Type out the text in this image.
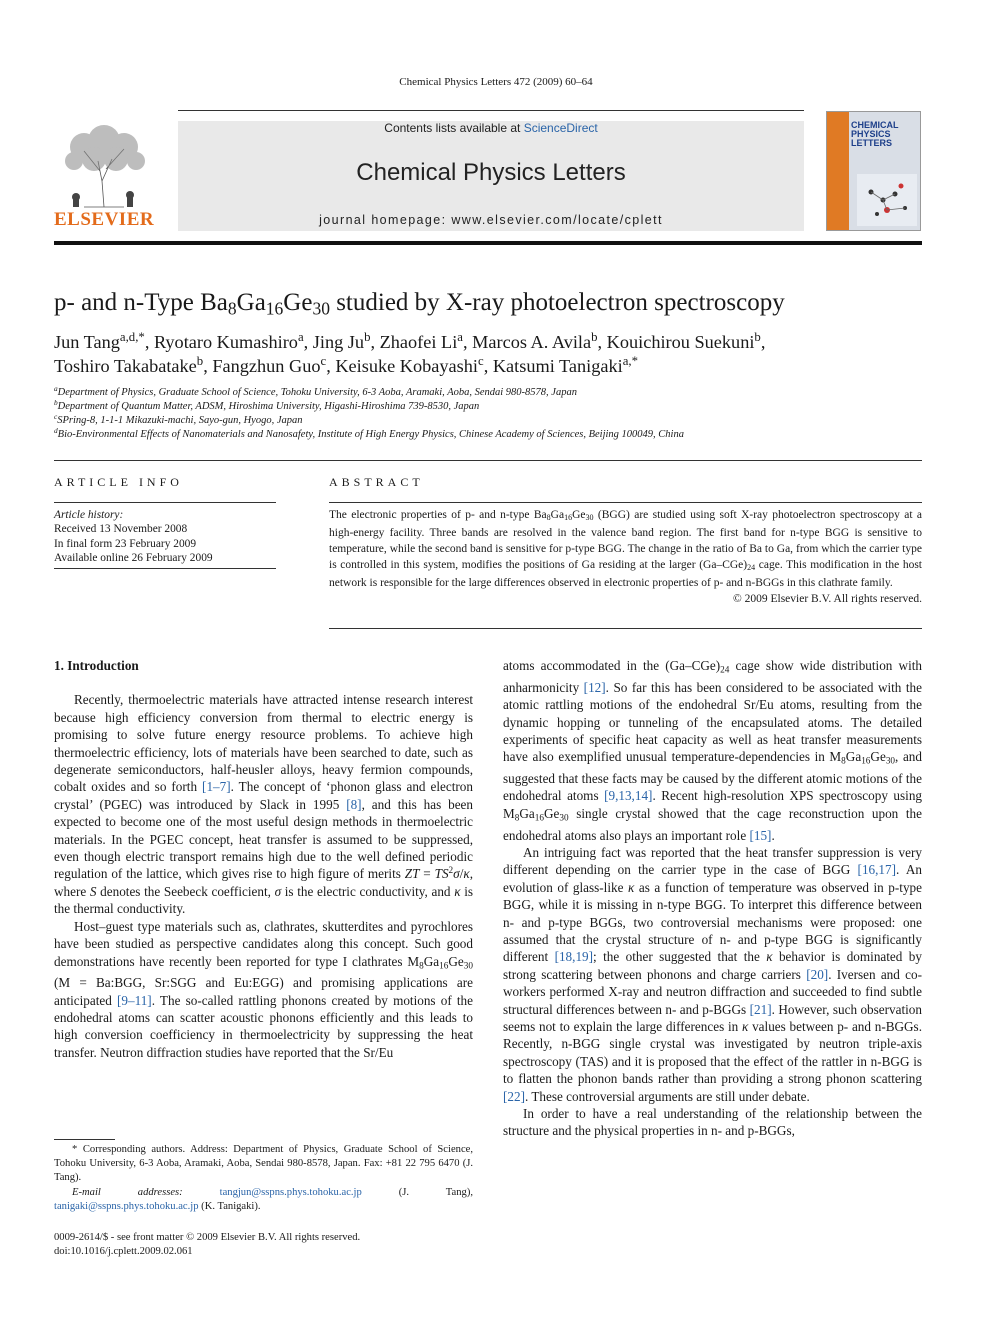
Chemical Physics Letters 472 (2009) 60–64
ELSEVIER
Contents lists available at ScienceDirect
Chemical Physics Letters
journal homepage: www.elsevier.com/locate/cplett
CHEMICAL
PHYSICS
LETTERS
p- and n-Type $Ba_8Ga_{16}Ge_{30}$ studied by X-ray photoelectron spectroscopy
Jun Tang$^{a,d,*}$, Ryotaro Kumashiro$^a$, Jing Ju$^b$, Zhaofei Li$^a$, Marcos A. Avila$^b$, Kouichirou Suekuni$^b$,
Toshiro Takabatake$^b$, Fangzhun Guo$^c$, Keisuke Kobayashi$^c$, Katsumi Tanigaki$^{a,*}$
$^a$Department of Physics, Graduate School of Science, Tohoku University, 6-3 Aoba, Aramaki, Aoba, Sendai 980-8578, Japan
$^b$Department of Quantum Matter, ADSM, Hiroshima University, Higashi-Hiroshima 739-8530, Japan
$^c$SPring-8, 1-1-1 Mikazuki-machi, Sayo-gun, Hyogo, Japan
$^d$Bio-Environmental Effects of Nanomaterials and Nanosafety, Institute of High Energy Physics, Chinese Academy of Sciences, Beijing 100049, China
ARTICLE INFO
Article history:
Received 13 November 2008
In final form 23 February 2009
Available online 26 February 2009
ABSTRACT
The electronic properties of p- and n-type $Ba_8Ga_{16}Ge_{30}$ (BGG) are studied using soft X-ray photoelectron spectroscopy at a high-energy facility. Three bands are resolved in the valence band region. The first band for n-type BGG is sensitive to temperature, while the second band is sensitive for p-type BGG. The change in the ratio of Ba to Ga, from which the carrier type is controlled in this system, modifies the positions of Ga residing at the larger $(Ga-CGe)_{24}$ cage. This modification in the host network is responsible for the large differences observed in electronic properties of p- and n-BGGs in this clathrate family.
© 2009 Elsevier B.V. All rights reserved.

1. Introduction

Recently, thermoelectric materials have attracted intense research interest because high efficiency conversion from thermal to electric energy is promising to solve future energy resource problems. To achieve high thermoelectric efficiency, lots of materials have been searched to date, such as degenerate semiconductors, half-heusler alloys, heavy fermion compounds, cobalt oxides and so forth [1–7]. The concept of ‘phonon glass and electron crystal’ (PGEC) was introduced by Slack in 1995 [8], and this has been expected to become one of the most useful design methods in thermoelectric materials. In the PGEC concept, heat transfer is assumed to be suppressed, even though electric transport remains high due to the well defined periodic regulation of the lattice, which gives rise to high figure of merits ZT = $TS^2\sigma/\kappa$, where S denotes the Seebeck coefficient, σ is the electric conductivity, and κ is the thermal conductivity.

Host–guest type materials such as, clathrates, skutterdites and pyrochlores have been studied as perspective candidates along this concept. Such good demonstrations have recently been reported for type I clathrates $M_8Ga_{16}Ge_{30}$ (M = Ba:BGG, Sr:SGG and Eu:EGG) and promising applications are anticipated [9–11]. The so-called rattling phonons created by motions of the endohedral atoms can scatter acoustic phonons efficiently and this leads to high conversion coefficiency in thermoelectricity by suppressing the heat transfer. Neutron diffraction studies have reported that the Sr/Eu

atoms accommodated in the $(Ga-CGe)_{24}$ cage show wide distribution with anharmonicity [12]. So far this has been considered to be associated with the atomic rattling motions of the endohedral Sr/Eu atoms, resulting from the dynamic hopping or tunneling of the encapsulated atoms. The detailed experiments of specific heat capacity as well as heat transfer measurements have also exemplified unusual temperature-dependencies in $M_8Ga_{16}Ge_{30}$, and suggested that these facts may be caused by the different atomic motions of the endohedral atoms [9,13,14]. Recent high-resolution XPS spectroscopy using $M_8Ga_{16}Ge_{30}$ single crystal showed that the cage reconstruction upon the endohedral atoms also plays an important role [15].

An intriguing fact was reported that the heat transfer suppression is very different depending on the carrier type in the case of BGG [16,17]. An evolution of glass-like κ as a function of temperature was observed in p-type BGG, while it is missing in n-type BGG. To interpret this difference between n- and p-type BGGs, two controversial mechanisms were proposed: one assumed that the crystal structure of n- and p-type BGG is significantly different [18,19]; the other suggested that the κ behavior is dominated by strong scattering between phonons and charge carriers [20]. Iversen and co-workers performed X-ray and neutron diffraction and succeeded to find subtle structural differences between n- and p-BGGs [21]. However, such observation seems not to explain the large differences in κ values between p- and n-BGGs. Recently, n-BGG single crystal was investigated by neutron triple-axis spectroscopy (TAS) and it is proposed that the effect of the rattler in n-BGG is to flatten the phonon bands rather than providing a strong phonon scattering [22]. These controversial arguments are still under debate.

In order to have a real understanding of the relationship between the structure and the physical properties in n- and p-BGGs,

* Corresponding authors. Address: Department of Physics, Graduate School of Science, Tohoku University, 6-3 Aoba, Aramaki, Aoba, Sendai 980-8578, Japan. Fax: +81 22 795 6470 (J. Tang).
E-mail addresses:	tangjun@sspns.phys.tohoku.ac.jp (J. Tang), tanigaki@sspns.phys.tohoku.ac.jp (K. Tanigaki).
0009-2614/$ - see front matter © 2009 Elsevier B.V. All rights reserved.
doi:10.1016/j.cplett.2009.02.061
